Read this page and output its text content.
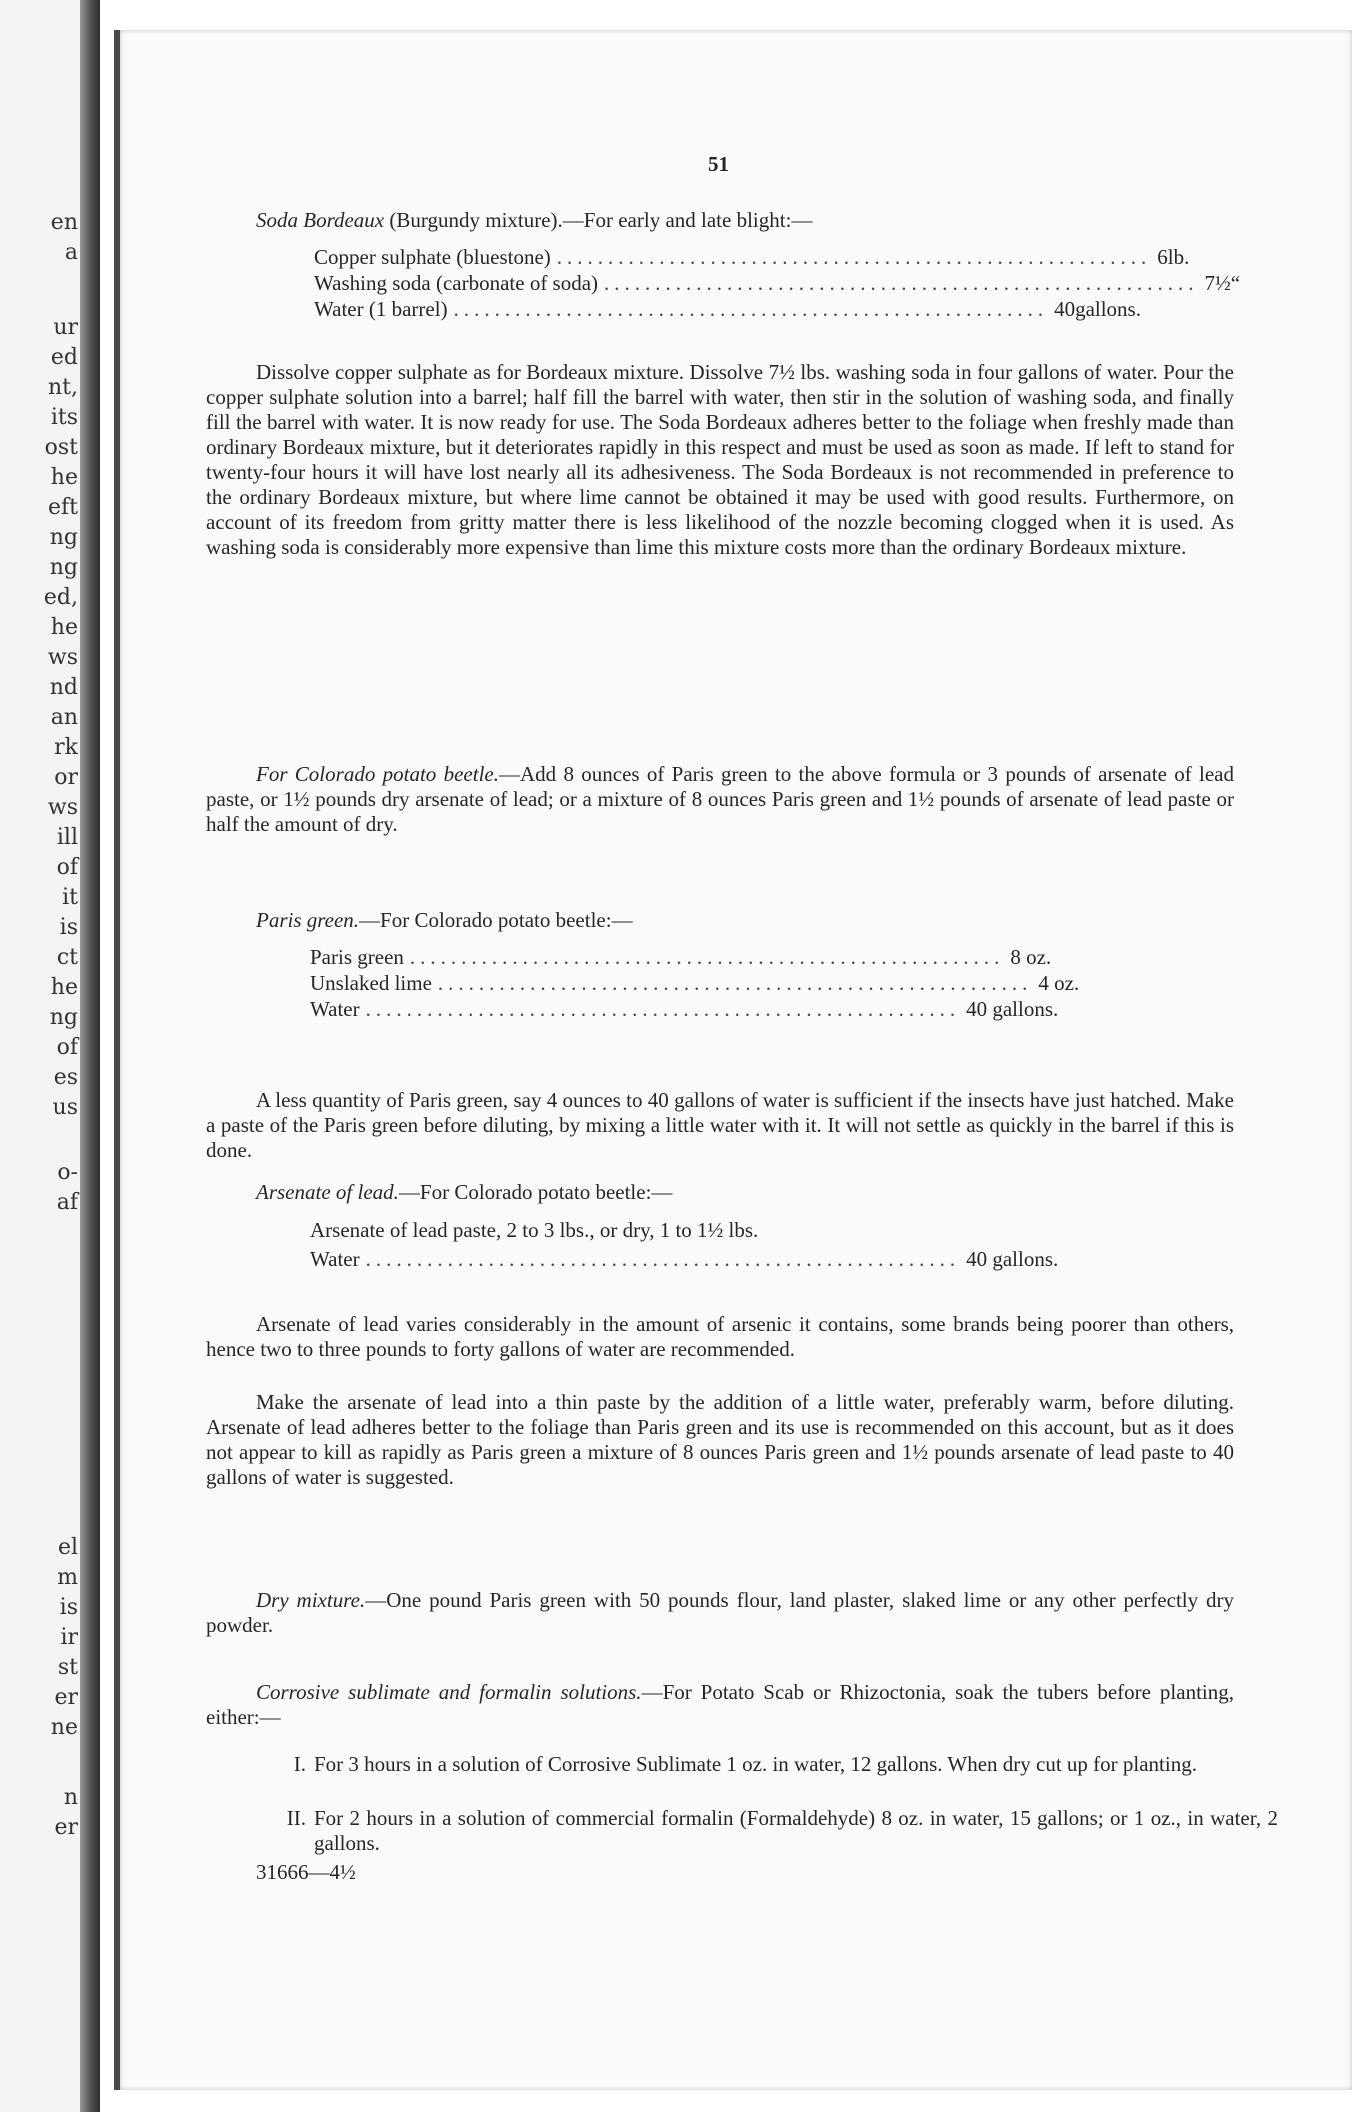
en
a
ur
ed
nt,
its
ost
he
eft
ng
ng
ed,
he
ws
nd
an
rk
or
ws
ill
of
it
is
ct
he
ng
of
es
us
o-
af
el
m
is
ir
st
er
ne
n
er
51
Soda Bordeaux (Burgundy mixture).—For early and late blight:—
Copper sulphate (bluestone) .......................................................... 6 lb.
Washing soda (carbonate of soda) .......................................................... 7½ “
Water (1 barrel) .......................................................... 40 gallons.
Dissolve copper sulphate as for Bordeaux mixture. Dissolve 7½ lbs. washing soda in four gallons of water. Pour the copper sulphate solution into a barrel; half fill the barrel with water, then stir in the solution of washing soda, and finally fill the barrel with water. It is now ready for use. The Soda Bordeaux adheres better to the foliage when freshly made than ordinary Bordeaux mixture, but it deteriorates rapidly in this respect and must be used as soon as made. If left to stand for twenty-four hours it will have lost nearly all its adhesiveness. The Soda Bordeaux is not recommended in preference to the ordinary Bordeaux mixture, but where lime cannot be obtained it may be used with good results. Furthermore, on account of its freedom from gritty matter there is less likelihood of the nozzle becoming clogged when it is used. As washing soda is considerably more expensive than lime this mixture costs more than the ordinary Bordeaux mixture.
For Colorado potato beetle.—Add 8 ounces of Paris green to the above formula or 3 pounds of arsenate of lead paste, or 1½ pounds dry arsenate of lead; or a mixture of 8 ounces Paris green and 1½ pounds of arsenate of lead paste or half the amount of dry.
Paris green.—For Colorado potato beetle:—
Paris green .......................................................... 8 oz.
Unslaked lime .......................................................... 4 oz.
Water .......................................................... 40 gallons.
A less quantity of Paris green, say 4 ounces to 40 gallons of water is sufficient if the insects have just hatched. Make a paste of the Paris green before diluting, by mixing a little water with it. It will not settle as quickly in the barrel if this is done.
Arsenate of lead.—For Colorado potato beetle:—
Arsenate of lead paste, 2 to 3 lbs., or dry, 1 to 1½ lbs.
Water .......................................................... 40 gallons.
Arsenate of lead varies considerably in the amount of arsenic it contains, some brands being poorer than others, hence two to three pounds to forty gallons of water are recommended.
Make the arsenate of lead into a thin paste by the addition of a little water, preferably warm, before diluting. Arsenate of lead adheres better to the foliage than Paris green and its use is recommended on this account, but as it does not appear to kill as rapidly as Paris green a mixture of 8 ounces Paris green and 1½ pounds arsenate of lead paste to 40 gallons of water is suggested.
Dry mixture.—One pound Paris green with 50 pounds flour, land plaster, slaked lime or any other perfectly dry powder.
Corrosive sublimate and formalin solutions.—For Potato Scab or Rhizoctonia, soak the tubers before planting, either:—
I. For 3 hours in a solution of Corrosive Sublimate 1 oz. in water, 12 gallons. When dry cut up for planting.
II. For 2 hours in a solution of commercial formalin (Formaldehyde) 8 oz. in water, 15 gallons; or 1 oz., in water, 2 gallons.
31666—4½
